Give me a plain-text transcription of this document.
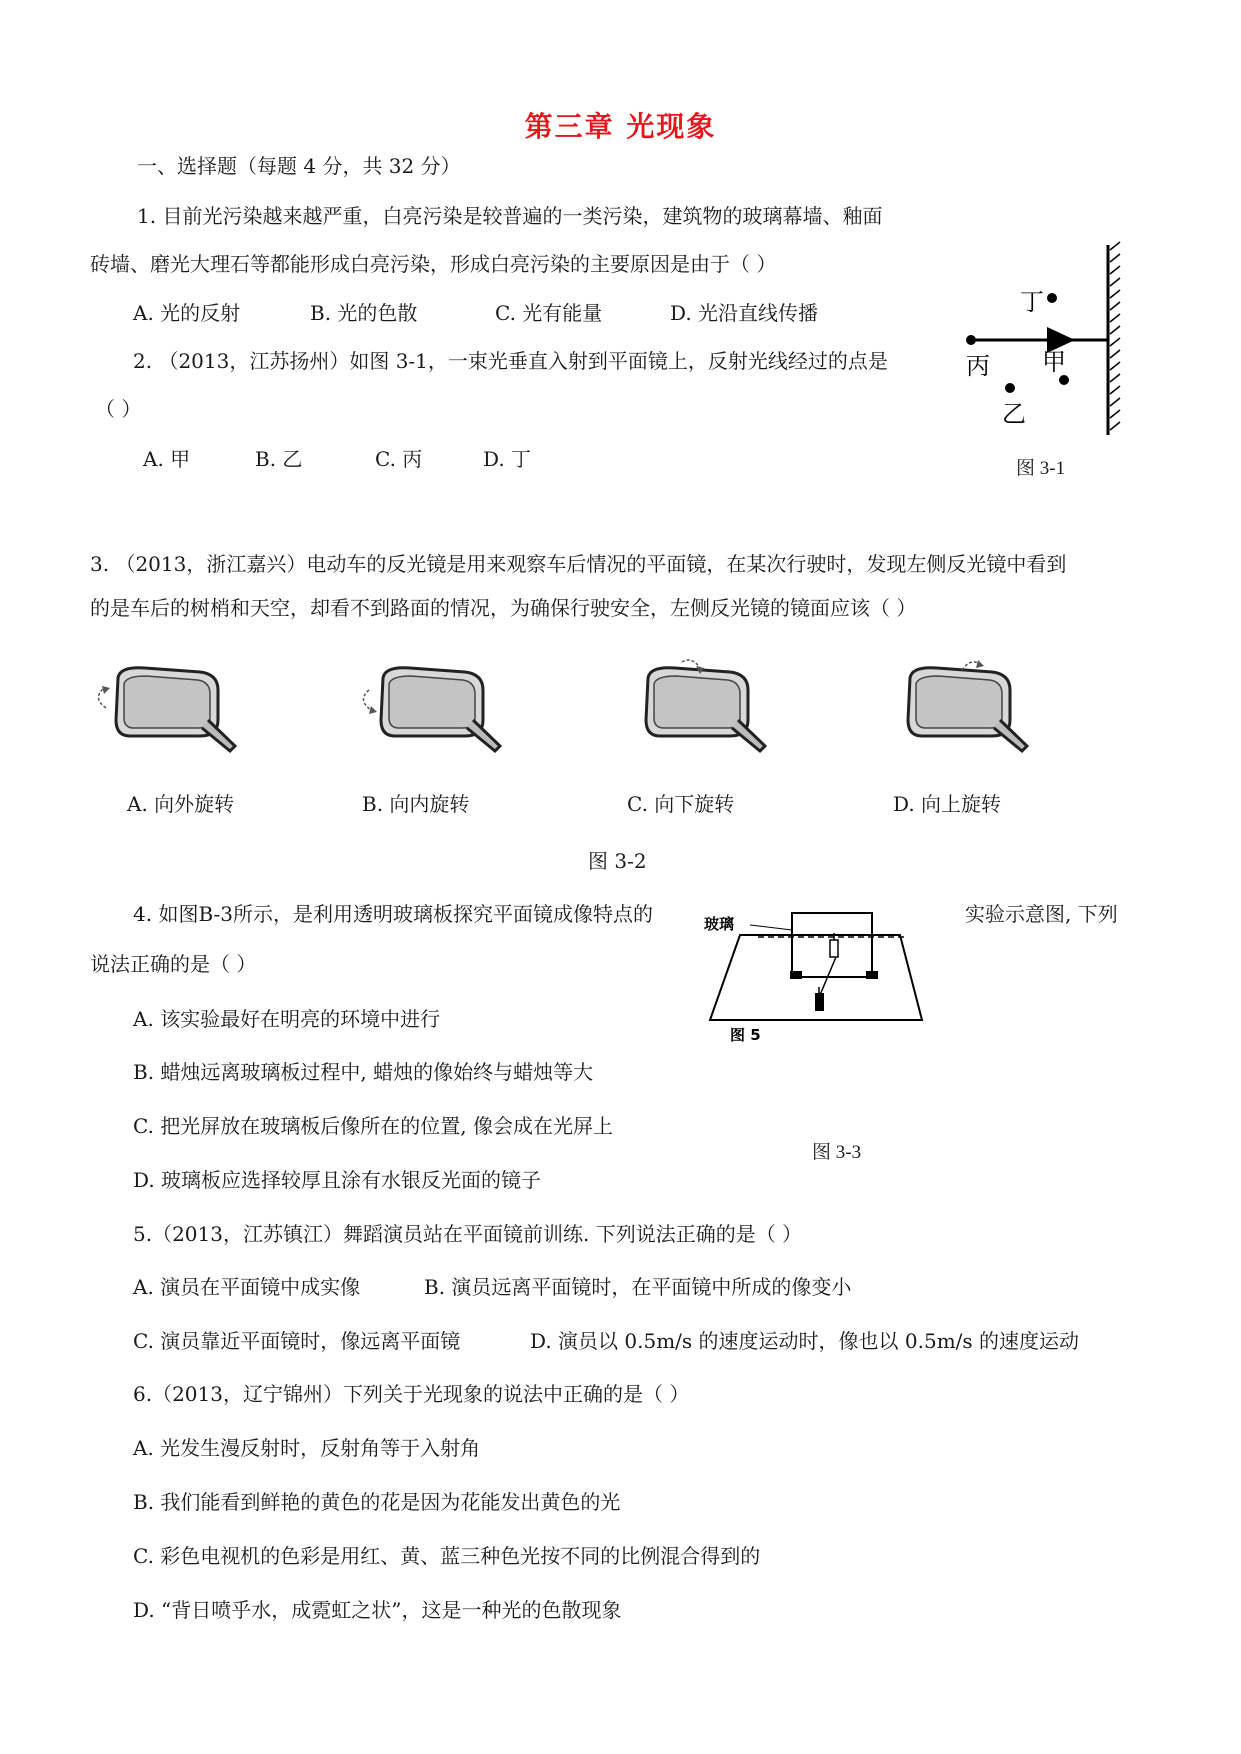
第三章 光现象
一、选择题（每题 4 分，共 32 分）
1. 目前光污染越来越严重，白亮污染是较普遍的一类污染，建筑物的玻璃幕墙、釉面
砖墙、磨光大理石等都能形成白亮污染，形成白亮污染的主要原因是由于（ ）
A. 光的反射	B. 光的色散	C. 光有能量	D. 光沿直线传播
2. （2013，江苏扬州）如图 3-1，一束光垂直入射到平面镜上，反射光线经过的点是
（ ）
A. 甲	B. 乙	C. 丙	D. 丁
丁
丙 甲
乙
图 3-1
3. （2013，浙江嘉兴）电动车的反光镜是用来观察车后情况的平面镜，在某次行驶时，发现左侧反光镜中看到
的是车后的树梢和天空，却看不到路面的情况，为确保行驶安全，左侧反光镜的镜面应该（ ）
A. 向外旋转	B. 向内旋转	C. 向下旋转	D. 向上旋转
图 3-2
4. 如图B-3所示，是利用透明玻璃板探究平面镜成像特点的	实验示意图, 下列
说法正确的是（ ）
A. 该实验最好在明亮的环境中进行
B. 蜡烛远离玻璃板过程中, 蜡烛的像始终与蜡烛等大
C. 把光屏放在玻璃板后像所在的位置, 像会成在光屏上
D. 玻璃板应选择较厚且涂有水银反光面的镜子
玻璃
图 5
图 3-3
5.（2013，江苏镇江）舞蹈演员站在平面镜前训练. 下列说法正确的是（ ）
A. 演员在平面镜中成实像	B. 演员远离平面镜时，在平面镜中所成的像变小
C. 演员靠近平面镜时，像远离平面镜	D. 演员以 0.5m/s 的速度运动时，像也以 0.5m/s 的速度运动
6.（2013，辽宁锦州）下列关于光现象的说法中正确的是（ ）
A. 光发生漫反射时，反射角等于入射角
B. 我们能看到鲜艳的黄色的花是因为花能发出黄色的光
C. 彩色电视机的色彩是用红、黄、蓝三种色光按不同的比例混合得到的
D. “背日喷乎水，成霓虹之状”，这是一种光的色散现象
